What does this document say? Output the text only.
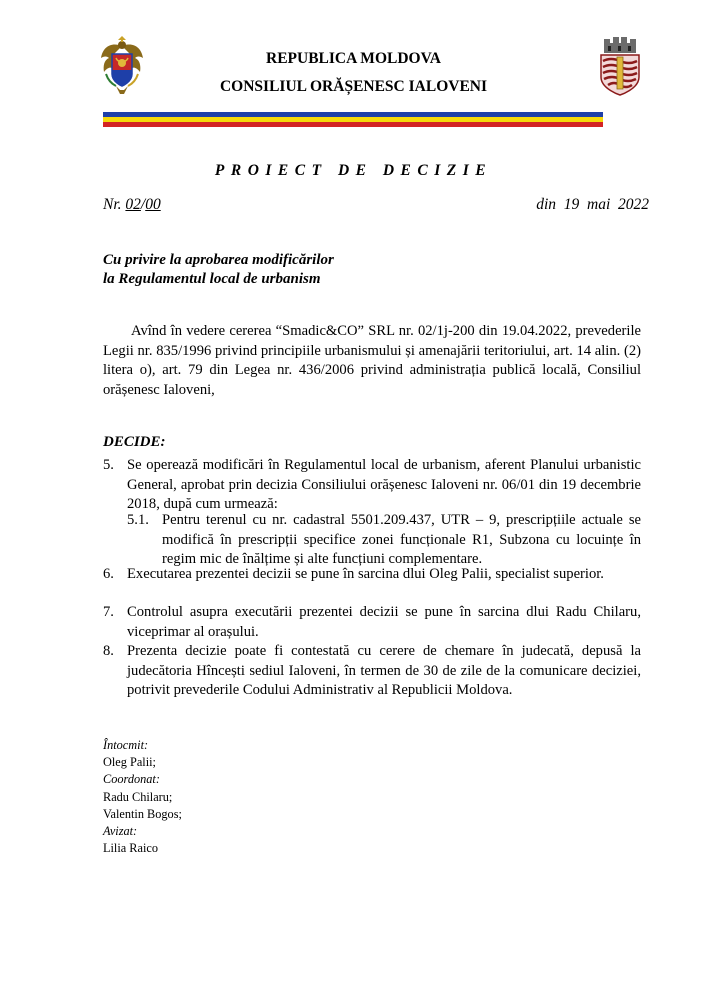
REPUBLICA MOLDOVA
CONSILIUL ORĂȘENESC IALOVENI
PROIECT DE DECIZIE
Nr. 02/00	din  19  mai  2022
Cu privire la aprobarea modificărilor
la Regulamentul local de urbanism
Avînd în vedere cererea “Smadic&CO” SRL nr. 02/1j-200 din 19.04.2022, prevederile Legii nr. 835/1996 privind principiile urbanismului și amenajării teritoriului, art. 14 alin. (2) litera o), art. 79 din Legea nr. 436/2006 privind administrația publică locală, Consiliul orășenesc Ialoveni,
DECIDE:
5. Se operează modificări în Regulamentul local de urbanism, aferent Planului urbanistic General, aprobat prin decizia Consiliului orășenesc Ialoveni nr. 06/01 din 19 decembrie 2018, după cum urmează:
5.1. Pentru terenul cu nr. cadastral 5501.209.437, UTR – 9, prescripțiile actuale se modifică în prescripții specifice zonei funcționale R1, Subzona cu locuințe în regim mic de înălțime și alte funcțiuni complementare.
6. Executarea prezentei decizii se pune în sarcina dlui Oleg Palii, specialist superior.
7. Controlul asupra executării prezentei decizii se pune în sarcina dlui Radu Chilaru, viceprimar al orașului.
8. Prezenta decizie poate fi contestată cu cerere de chemare în judecată, depusă la judecătoria Hîncești sediul Ialoveni, în termen de 30 de zile de la comunicare deciziei, potrivit prevederile Codului Administrativ al Republicii Moldova.
Întocmit:
Oleg Palii;
Coordonat:
Radu Chilaru;
Valentin Bogos;
Avizat:
Lilia Raico
